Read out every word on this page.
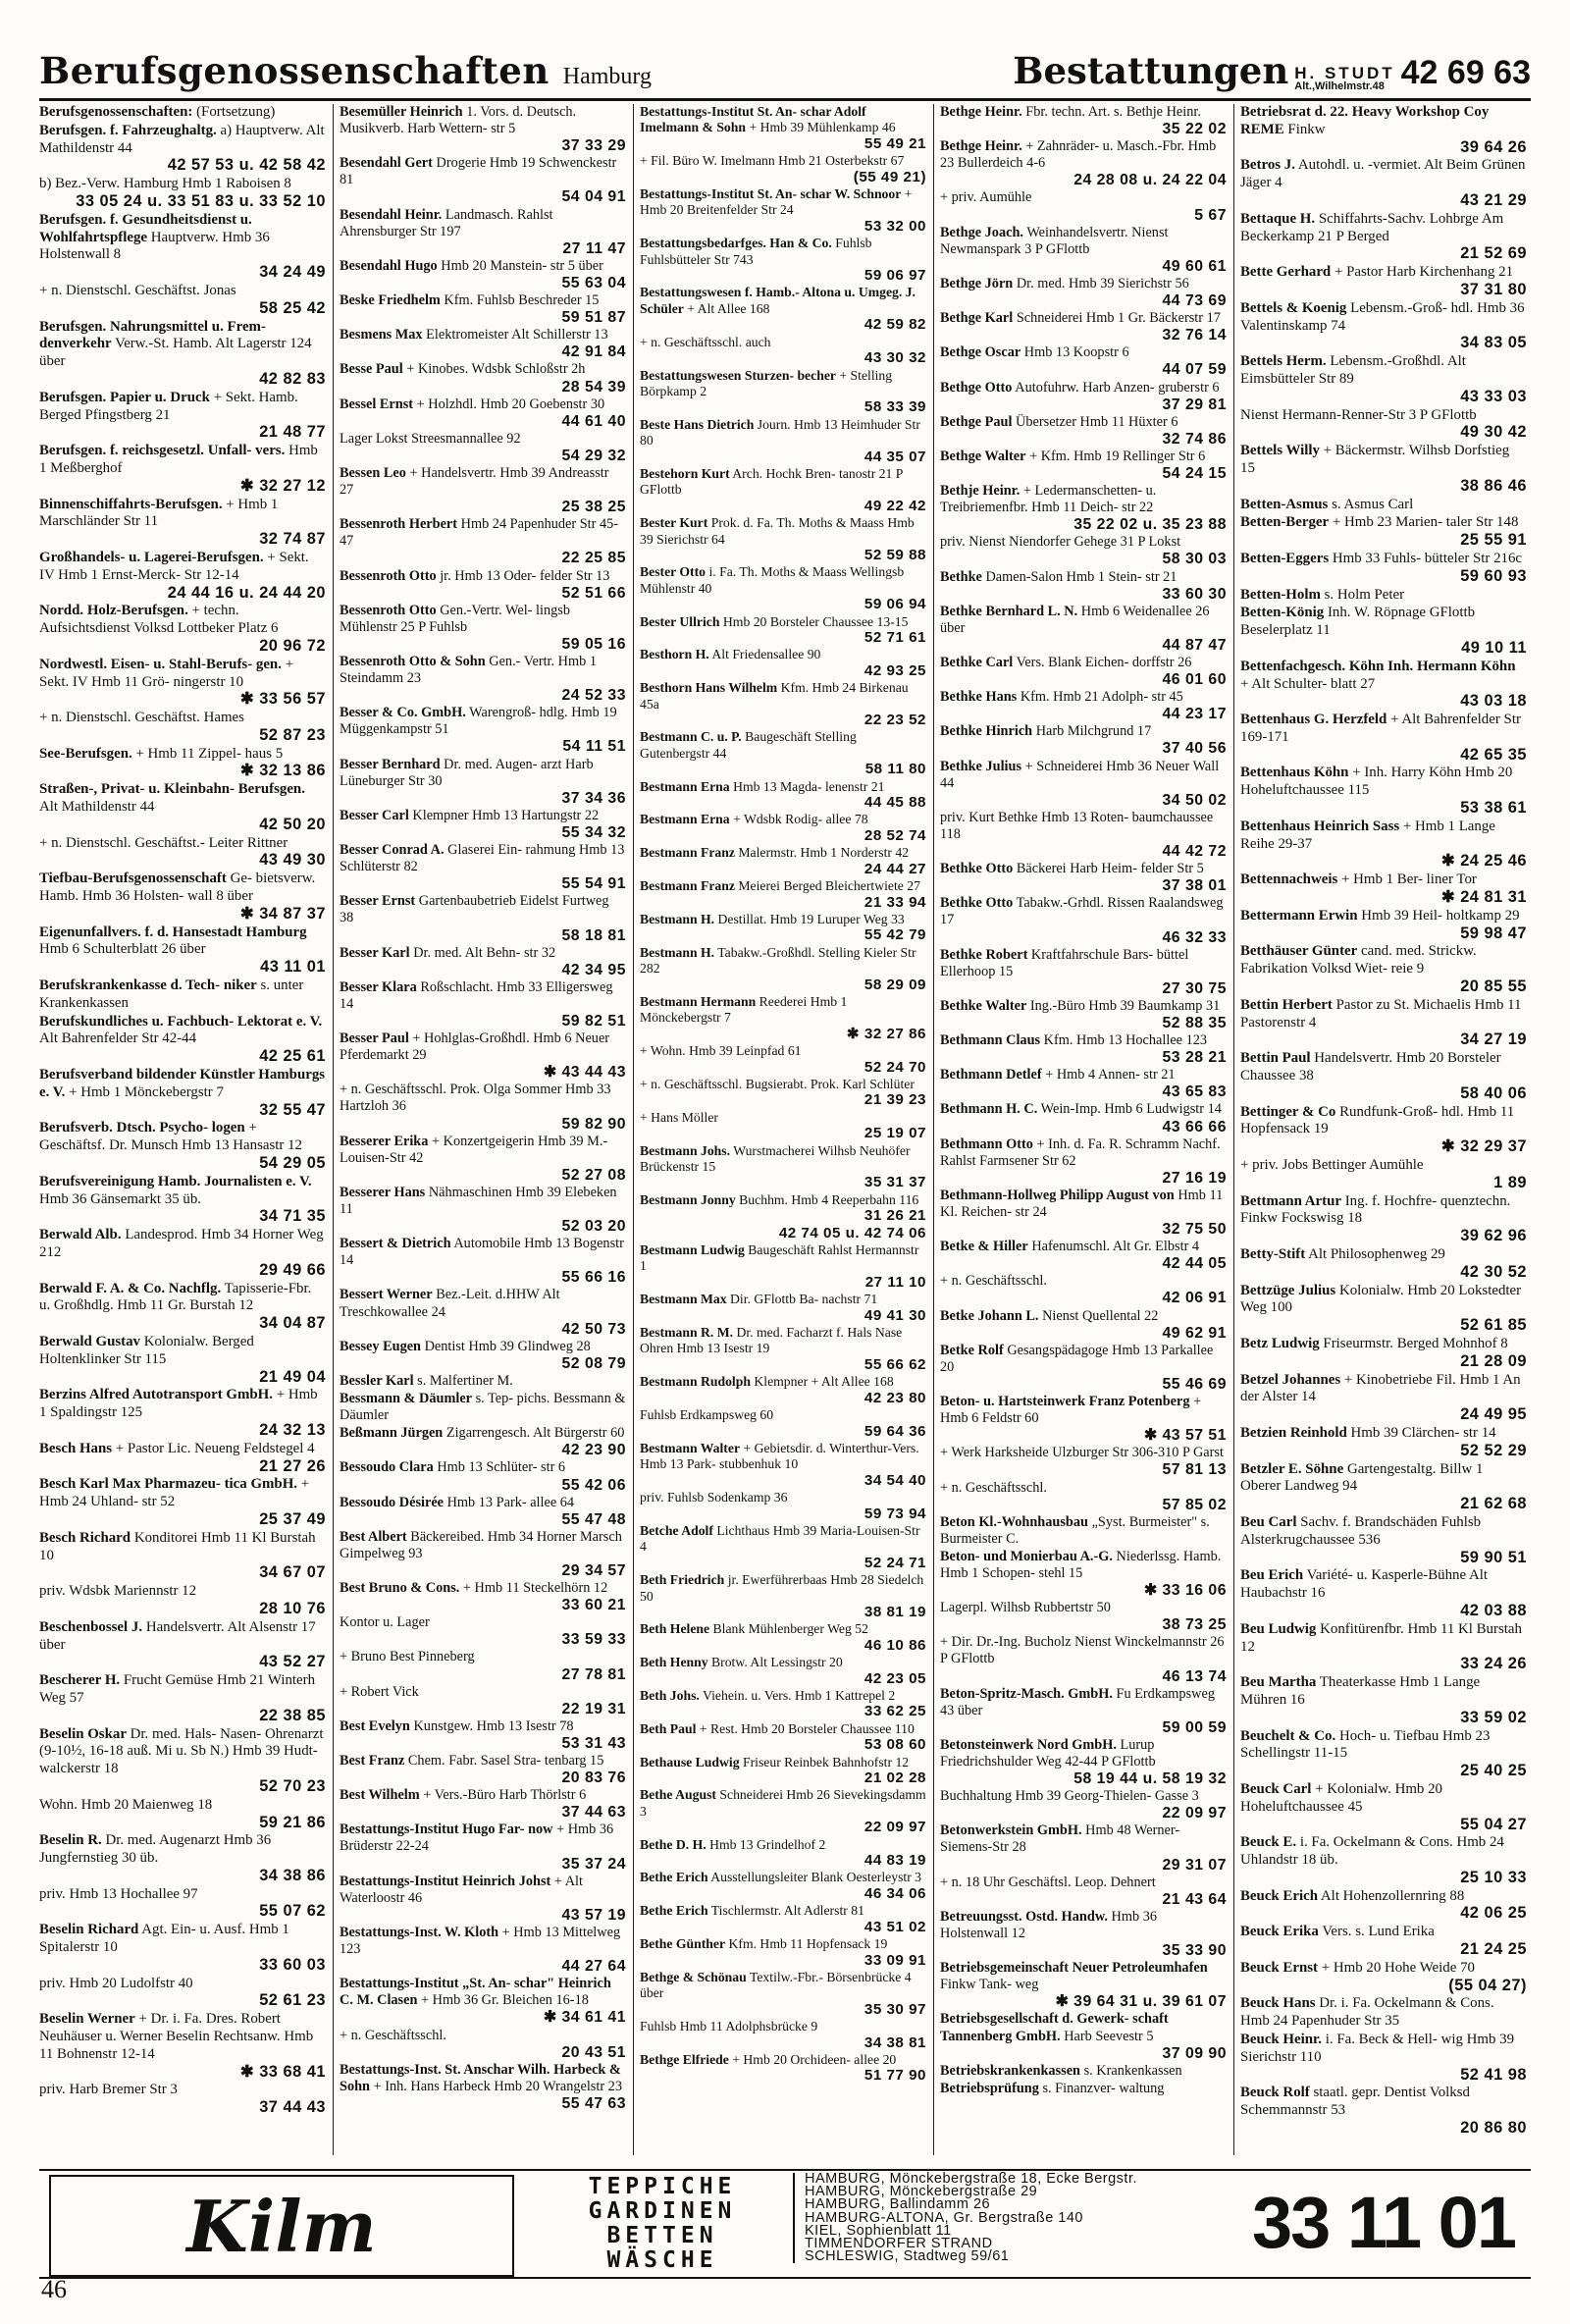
Berufsgenossenschaften Hamburg	Bestattungen H. STUDT
Alt.,Wilhelmstr.48 42 69 63
Berufsgenossenschaften: (Fortsetzung)
Berufsgen. f. Fahrzeughaltg. a) Hauptverw. Alt Mathildenstr 44
42 57 53 u. 42 58 42
b) Bez.-Verw. Hamburg Hmb 1 Raboisen 8
33 05 24 u. 33 51 83 u. 33 52 10
Berufsgen. f. Gesundheitsdienst u. Wohlfahrtspflege Hauptverw. Hmb 36 Holstenwall 8
34 24 49
+ n. Dienstschl. Geschäftst. Jonas
58 25 42
Berufsgen. Nahrungsmittel u. Frem- denverkehr Verw.-St. Hamb. Alt Lagerstr 124 über
42 82 83
Berufsgen. Papier u. Druck + Sekt. Hamb. Berged Pfingstberg 21
21 48 77
Berufsgen. f. reichsgesetzl. Unfall- vers. Hmb 1 Meßberghof
✱ 32 27 12
Binnenschiffahrts-Berufsgen. + Hmb 1 Marschländer Str 11
32 74 87
Großhandels- u. Lagerei-Berufsgen. + Sekt. IV Hmb 1 Ernst-Merck- Str 12-14
24 44 16 u. 24 44 20
Nordd. Holz-Berufsgen. + techn. Aufsichtsdienst Volksd Lottbeker Platz 6
20 96 72
Nordwestl. Eisen- u. Stahl-Berufs- gen. + Sekt. IV Hmb 11 Grö- ningerstr 10
✱ 33 56 57
+ n. Dienstschl. Geschäftst. Hames
52 87 23
See-Berufsgen. + Hmb 11 Zippel- haus 5
✱ 32 13 86
Straßen-, Privat- u. Kleinbahn- Berufsgen. Alt Mathildenstr 44
42 50 20
+ n. Dienstschl. Geschäftst.- Leiter Rittner
43 49 30
Tiefbau-Berufsgenossenschaft Ge- bietsverw. Hamb. Hmb 36 Holsten- wall 8 über
✱ 34 87 37
Eigenunfallvers. f. d. Hansestadt Hamburg Hmb 6 Schulterblatt 26 über
43 11 01
Berufskrankenkasse d. Tech- niker s. unter Krankenkassen
Berufskundliches u. Fachbuch- Lektorat e. V. Alt Bahrenfelder Str 42-44
42 25 61
Berufsverband bildender Künstler Hamburgs e. V. + Hmb 1 Mönckebergstr 7
32 55 47
Berufsverb. Dtsch. Psycho- logen + Geschäftsf. Dr. Munsch Hmb 13 Hansastr 12
54 29 05
Berufsvereinigung Hamb. Journalisten e. V. Hmb 36 Gänsemarkt 35 üb.
34 71 35
Berwald Alb. Landesprod. Hmb 34 Horner Weg 212
29 49 66
Berwald F. A. & Co. Nachflg. Tapisserie-Fbr. u. Großhdlg. Hmb 11 Gr. Burstah 12
34 04 87
Berwald Gustav Kolonialw. Berged Holtenklinker Str 115
21 49 04
Berzins Alfred Autotransport GmbH. + Hmb 1 Spaldingstr 125
24 32 13
Besch Hans + Pastor Lic. Neueng Feldstegel 4
21 27 26
Besch Karl Max Pharmazeu- tica GmbH. + Hmb 24 Uhland- str 52
25 37 49
Besch Richard Konditorei Hmb 11 Kl Burstah 10
34 67 07
priv. Wdsbk Mariennstr 12
28 10 76
Beschenbossel J. Handelsvertr. Alt Alsenstr 17 über
43 52 27
Bescherer H. Frucht Gemüse Hmb 21 Winterh Weg 57
22 38 85
Beselin Oskar Dr. med. Hals- Nasen- Ohrenarzt (9-10½, 16-18 auß. Mi u. Sb N.) Hmb 39 Hudt- walckerstr 18
52 70 23
Wohn. Hmb 20 Maienweg 18
59 21 86
Beselin R. Dr. med. Augenarzt Hmb 36 Jungfernstieg 30 üb.
34 38 86
priv. Hmb 13 Hochallee 97
55 07 62
Beselin Richard Agt. Ein- u. Ausf. Hmb 1 Spitalerstr 10
33 60 03
priv. Hmb 20 Ludolfstr 40
52 61 23
Beselin Werner + Dr. i. Fa. Dres. Robert Neuhäuser u. Werner Beselin Rechtsanw. Hmb 11 Bohnenstr 12-14
✱ 33 68 41
priv. Harb Bremer Str 3
37 44 43
Besemüller Heinrich 1. Vors. d. Deutsch. Musikverb. Harb Wettern- str 5
37 33 29
Besendahl Gert Drogerie Hmb 19 Schwenckestr 81
54 04 91
Besendahl Heinr. Landmasch. Rahlst Ahrensburger Str 197
27 11 47
Besendahl Hugo Hmb 20 Manstein- str 5 über
55 63 04
Beske Friedhelm Kfm. Fuhlsb Beschreder 15
59 51 87
Besmens Max Elektromeister Alt Schillerstr 13
42 91 84
Besse Paul + Kinobes. Wdsbk Schloßstr 2h
28 54 39
Bessel Ernst + Holzhdl. Hmb 20 Goebenstr 30
44 61 40
Lager Lokst Streesmannallee 92
54 29 32
Bessen Leo + Handelsvertr. Hmb 39 Andreasstr 27
25 38 25
Bessenroth Herbert Hmb 24 Papenhuder Str 45-47
22 25 85
Bessenroth Otto jr. Hmb 13 Oder- felder Str 13
52 51 66
Bessenroth Otto Gen.-Vertr. Wel- lingsb Mühlenstr 25 P Fuhlsb
59 05 16
Bessenroth Otto & Sohn Gen.- Vertr. Hmb 1 Steindamm 23
24 52 33
Besser & Co. GmbH. Warengroß- hdlg. Hmb 19 Müggenkampstr 51
54 11 51
Besser Bernhard Dr. med. Augen- arzt Harb Lüneburger Str 30
37 34 36
Besser Carl Klempner Hmb 13 Hartungstr 22
55 34 32
Besser Conrad A. Glaserei Ein- rahmung Hmb 13 Schlüterstr 82
55 54 91
Besser Ernst Gartenbaubetrieb Eidelst Furtweg 38
58 18 81
Besser Karl Dr. med. Alt Behn- str 32
42 34 95
Besser Klara Roßschlacht. Hmb 33 Elligersweg 14
59 82 51
Besser Paul + Hohlglas-Großhdl. Hmb 6 Neuer Pferdemarkt 29
✱ 43 44 43
+ n. Geschäftsschl. Prok. Olga Sommer Hmb 33 Hartzloh 36
59 82 90
Besserer Erika + Konzertgeigerin Hmb 39 M.-Louisen-Str 42
52 27 08
Besserer Hans Nähmaschinen Hmb 39 Elebeken 11
52 03 20
Bessert & Dietrich Automobile Hmb 13 Bogenstr 14
55 66 16
Bessert Werner Bez.-Leit. d.HHW Alt Treschkowallee 24
42 50 73
Bessey Eugen Dentist Hmb 39 Glindweg 28
52 08 79
Bessler Karl s. Malfertiner M.
Bessmann & Däumler s. Tep- pichs. Bessmann & Däumler
Beßmann Jürgen Zigarrengesch. Alt Bürgerstr 60
42 23 90
Bessoudo Clara Hmb 13 Schlüter- str 6
55 42 06
Bessoudo Désirée Hmb 13 Park- allee 64
55 47 48
Best Albert Bäckereibed. Hmb 34 Horner Marsch Gimpelweg 93
29 34 57
Best Bruno & Cons. + Hmb 11 Steckelhörn 12
33 60 21
Kontor u. Lager
33 59 33
+ Bruno Best Pinneberg
27 78 81
+ Robert Vick
22 19 31
Best Evelyn Kunstgew. Hmb 13 Isestr 78
53 31 43
Best Franz Chem. Fabr. Sasel Stra- tenbarg 15
20 83 76
Best Wilhelm + Vers.-Büro Harb Thörlstr 6
37 44 63
Bestattungs-Institut Hugo Far- now + Hmb 36 Brüderstr 22-24
35 37 24
Bestattungs-Institut Heinrich Johst + Alt Waterloostr 46
43 57 19
Bestattungs-Inst. W. Kloth + Hmb 13 Mittelweg 123
44 27 64
Bestattungs-Institut „St. An- schar" Heinrich C. M. Clasen + Hmb 36 Gr. Bleichen 16-18
✱ 34 61 41
+ n. Geschäftsschl.
20 43 51
Bestattungs-Inst. St. Anschar Wilh. Harbeck & Sohn + Inh. Hans Harbeck Hmb 20 Wrangelstr 23
55 47 63
Bestattungs-Institut St. An- schar Adolf Imelmann & Sohn + Hmb 39 Mühlenkamp 46
55 49 21
+ Fil. Büro W. Imelmann Hmb 21 Osterbekstr 67
(55 49 21)
Bestattungs-Institut St. An- schar W. Schnoor + Hmb 20 Breitenfelder Str 24
53 32 00
Bestattungsbedarfges. Han & Co. Fuhlsb Fuhlsbütteler Str 743
59 06 97
Bestattungswesen f. Hamb.- Altona u. Umgeg. J. Schüler + Alt Allee 168
42 59 82
+ n. Geschäftsschl. auch
43 30 32
Bestattungswesen Sturzen- becher + Stelling Börpkamp 2
58 33 39
Beste Hans Dietrich Journ. Hmb 13 Heimhuder Str 80
44 35 07
Bestehorn Kurt Arch. Hochk Bren- tanostr 21 P GFlottb
49 22 42
Bester Kurt Prok. d. Fa. Th. Moths & Maass Hmb 39 Sierichstr 64
52 59 88
Bester Otto i. Fa. Th. Moths & Maass Wellingsb Mühlenstr 40
59 06 94
Bester Ullrich Hmb 20 Borsteler Chaussee 13-15
52 71 61
Besthorn H. Alt Friedensallee 90
42 93 25
Besthorn Hans Wilhelm Kfm. Hmb 24 Birkenau 45a
22 23 52
Bestmann C. u. P. Baugeschäft Stelling Gutenbergstr 44
58 11 80
Bestmann Erna Hmb 13 Magda- lenenstr 21
44 45 88
Bestmann Erna + Wdsbk Rodig- allee 78
28 52 74
Bestmann Franz Malermstr. Hmb 1 Norderstr 42
24 44 27
Bestmann Franz Meierei Berged Bleichertwiete 27
21 33 94
Bestmann H. Destillat. Hmb 19 Luruper Weg 33
55 42 79
Bestmann H. Tabakw.-Großhdl. Stelling Kieler Str 282
58 29 09
Bestmann Hermann Reederei Hmb 1 Mönckebergstr 7
✱ 32 27 86
+ Wohn. Hmb 39 Leinpfad 61
52 24 70
+ n. Geschäftsschl. Bugsierabt. Prok. Karl Schlüter
21 39 23
+ Hans Möller
25 19 07
Bestmann Johs. Wurstmacherei Wilhsb Neuhöfer Brückenstr 15
35 31 37
Bestmann Jonny Buchhm. Hmb 4 Reeperbahn 116
31 26 21
42 74 05 u. 42 74 06
Bestmann Ludwig Baugeschäft Rahlst Hermannstr 1
27 11 10
Bestmann Max Dir. GFlottb Ba- nachstr 71
49 41 30
Bestmann R. M. Dr. med. Facharzt f. Hals Nase Ohren Hmb 13 Isestr 19
55 66 62
Bestmann Rudolph Klempner + Alt Allee 168
42 23 80
Fuhlsb Erdkampsweg 60
59 64 36
Bestmann Walter + Gebietsdir. d. Winterthur-Vers. Hmb 13 Park- stubbenhuk 10
34 54 40
priv. Fuhlsb Sodenkamp 36
59 73 94
Betche Adolf Lichthaus Hmb 39 Maria-Louisen-Str 4
52 24 71
Beth Friedrich jr. Ewerführerbaas Hmb 28 Siedelch 50
38 81 19
Beth Helene Blank Mühlenberger Weg 52
46 10 86
Beth Henny Brotw. Alt Lessingstr 20
42 23 05
Beth Johs. Viehein. u. Vers. Hmb 1 Kattrepel 2
33 62 25
Beth Paul + Rest. Hmb 20 Borsteler Chaussee 110
53 08 60
Bethause Ludwig Friseur Reinbek Bahnhofstr 12
21 02 28
Bethe August Schneiderei Hmb 26 Sievekingsdamm 3
22 09 97
Bethe D. H. Hmb 13 Grindelhof 2
44 83 19
Bethe Erich Ausstellungsleiter Blank Oesterleystr 3
46 34 06
Bethe Erich Tischlermstr. Alt Adlerstr 81
43 51 02
Bethe Günther Kfm. Hmb 11 Hopfensack 19
33 09 91
Bethge & Schönau Textilw.-Fbr.- Börsenbrücke 4 über
35 30 97
Fuhlsb Hmb 11 Adolphsbrücke 9
34 38 81
Bethge Elfriede + Hmb 20 Orchideen- allee 20
51 77 90
Bethge Heinr. Fbr. techn. Art. s. Bethje Heinr.
35 22 02
Bethge Heinr. + Zahnräder- u. Masch.-Fbr. Hmb 23 Bullerdeich 4-6
24 28 08 u. 24 22 04
+ priv. Aumühle
5 67
Bethge Joach. Weinhandelsvertr. Nienst Newmanspark 3 P GFlottb
49 60 61
Bethge Jörn Dr. med. Hmb 39 Sierichstr 56
44 73 69
Bethge Karl Schneiderei Hmb 1 Gr. Bäckerstr 17
32 76 14
Bethge Oscar Hmb 13 Koopstr 6
44 07 59
Bethge Otto Autofuhrw. Harb Anzen- gruberstr 6
37 29 81
Bethge Paul Übersetzer Hmb 11 Hüxter 6
32 74 86
Bethge Walter + Kfm. Hmb 19 Rellinger Str 6
54 24 15
Bethje Heinr. + Ledermanschetten- u. Treibriemenfbr. Hmb 11 Deich- str 22
35 22 02 u. 35 23 88
priv. Nienst Niendorfer Gehege 31 P Lokst
58 30 03
Bethke Damen-Salon Hmb 1 Stein- str 21
33 60 30
Bethke Bernhard L. N. Hmb 6 Weidenallee 26 über
44 87 47
Bethke Carl Vers. Blank Eichen- dorffstr 26
46 01 60
Bethke Hans Kfm. Hmb 21 Adolph- str 45
44 23 17
Bethke Hinrich Harb Milchgrund 17
37 40 56
Bethke Julius + Schneiderei Hmb 36 Neuer Wall 44
34 50 02
priv. Kurt Bethke Hmb 13 Roten- baumchaussee 118
44 42 72
Bethke Otto Bäckerei Harb Heim- felder Str 5
37 38 01
Bethke Otto Tabakw.-Grhdl. Rissen Raalandsweg 17
46 32 33
Bethke Robert Kraftfahrschule Bars- büttel Ellerhoop 15
27 30 75
Bethke Walter Ing.-Büro Hmb 39 Baumkamp 31
52 88 35
Bethmann Claus Kfm. Hmb 13 Hochallee 123
53 28 21
Bethmann Detlef + Hmb 4 Annen- str 21
43 65 83
Bethmann H. C. Wein-Imp. Hmb 6 Ludwigstr 14
43 66 66
Bethmann Otto + Inh. d. Fa. R. Schramm Nachf. Rahlst Farmsener Str 62
27 16 19
Bethmann-Hollweg Philipp August von Hmb 11 Kl. Reichen- str 24
32 75 50
Betke & Hiller Hafenumschl. Alt Gr. Elbstr 4
42 44 05
+ n. Geschäftsschl.
42 06 91
Betke Johann L. Nienst Quellental 22
49 62 91
Betke Rolf Gesangspädagoge Hmb 13 Parkallee 20
55 46 69
Beton- u. Hartsteinwerk Franz Potenberg + Hmb 6 Feldstr 60
✱ 43 57 51
+ Werk Harksheide Ulzburger Str 306-310 P Garst
57 81 13
+ n. Geschäftsschl.
57 85 02
Beton Kl.-Wohnhausbau „Syst. Burmeister" s. Burmeister C.
Beton- und Monierbau A.-G. Niederlssg. Hamb. Hmb 1 Schopen- stehl 15
✱ 33 16 06
Lagerpl. Wilhsb Rubbertstr 50
38 73 25
+ Dir. Dr.-Ing. Bucholz Nienst Winckelmannstr 26 P GFlottb
46 13 74
Beton-Spritz-Masch. GmbH. Fu Erdkampsweg 43 über
59 00 59
Betonsteinwerk Nord GmbH. Lurup Friedrichshulder Weg 42-44 P GFlottb
58 19 44 u. 58 19 32
Buchhaltung Hmb 39 Georg-Thielen- Gasse 3
22 09 97
Betonwerkstein GmbH. Hmb 48 Werner-Siemens-Str 28
29 31 07
+ n. 18 Uhr Geschäftsl. Leop. Dehnert
21 43 64
Betreuungsst. Ostd. Handw. Hmb 36 Holstenwall 12
35 33 90
Betriebsgemeinschaft Neuer Petroleumhafen Finkw Tank- weg
✱ 39 64 31 u. 39 61 07
Betriebsgesellschaft d. Gewerk- schaft Tannenberg GmbH. Harb Seevestr 5
37 09 90
Betriebskrankenkassen s. Krankenkassen
Betriebsprüfung s. Finanzver- waltung
Betriebsrat d. 22. Heavy Workshop Coy REME Finkw
39 64 26
Betros J. Autohdl. u. -vermiet. Alt Beim Grünen Jäger 4
43 21 29
Bettaque H. Schiffahrts-Sachv. Lohbrge Am Beckerkamp 21 P Berged
21 52 69
Bette Gerhard + Pastor Harb Kirchenhang 21
37 31 80
Bettels & Koenig Lebensm.-Groß- hdl. Hmb 36 Valentinskamp 74
34 83 05
Bettels Herm. Lebensm.-Großhdl. Alt Eimsbütteler Str 89
43 33 03
Nienst Hermann-Renner-Str 3 P GFlottb
49 30 42
Bettels Willy + Bäckermstr. Wilhsb Dorfstieg 15
38 86 46
Betten-Asmus s. Asmus Carl
Betten-Berger + Hmb 23 Marien- taler Str 148
25 55 91
Betten-Eggers Hmb 33 Fuhls- bütteler Str 216c
59 60 93
Betten-Holm s. Holm Peter
Betten-König Inh. W. Röpnage GFlottb Beselerplatz 11
49 10 11
Bettenfachgesch. Köhn Inh. Hermann Köhn + Alt Schulter- blatt 27
43 03 18
Bettenhaus G. Herzfeld + Alt Bahrenfelder Str 169-171
42 65 35
Bettenhaus Köhn + Inh. Harry Köhn Hmb 20 Hoheluftchaussee 115
53 38 61
Bettenhaus Heinrich Sass + Hmb 1 Lange Reihe 29-37
✱ 24 25 46
Bettennachweis + Hmb 1 Ber- liner Tor
✱ 24 81 31
Bettermann Erwin Hmb 39 Heil- holtkamp 29
59 98 47
Betthäuser Günter cand. med. Strickw. Fabrikation Volksd Wiet- reie 9
20 85 55
Bettin Herbert Pastor zu St. Michaelis Hmb 11 Pastorenstr 4
34 27 19
Bettin Paul Handelsvertr. Hmb 20 Borsteler Chaussee 38
58 40 06
Bettinger & Co Rundfunk-Groß- hdl. Hmb 11 Hopfensack 19
✱ 32 29 37
+ priv. Jobs Bettinger Aumühle
1 89
Bettmann Artur Ing. f. Hochfre- quenztechn. Finkw Fockswisg 18
39 62 96
Betty-Stift Alt Philosophenweg 29
42 30 52
Bettzüge Julius Kolonialw. Hmb 20 Lokstedter Weg 100
52 61 85
Betz Ludwig Friseurmstr. Berged Mohnhof 8
21 28 09
Betzel Johannes + Kinobetriebe Fil. Hmb 1 An der Alster 14
24 49 95
Betzien Reinhold Hmb 39 Clärchen- str 14
52 52 29
Betzler E. Söhne Gartengestaltg. Billw 1 Oberer Landweg 94
21 62 68
Beu Carl Sachv. f. Brandschäden Fuhlsb Alsterkrugchaussee 536
59 90 51
Beu Erich Variété- u. Kasperle-Bühne Alt Haubachstr 16
42 03 88
Beu Ludwig Konfitürenfbr. Hmb 11 Kl Burstah 12
33 24 26
Beu Martha Theaterkasse Hmb 1 Lange Mühren 16
33 59 02
Beuchelt & Co. Hoch- u. Tiefbau Hmb 23 Schellingstr 11-15
25 40 25
Beuck Carl + Kolonialw. Hmb 20 Hoheluftchaussee 45
55 04 27
Beuck E. i. Fa. Ockelmann & Cons. Hmb 24 Uhlandstr 18 üb.
25 10 33
Beuck Erich Alt Hohenzollernring 88
42 06 25
Beuck Erika Vers. s. Lund Erika
21 24 25
Beuck Ernst + Hmb 20 Hohe Weide 70
(55 04 27)
Beuck Hans Dr. i. Fa. Ockelmann & Cons. Hmb 24 Papenhuder Str 35
Beuck Heinr. i. Fa. Beck & Hell- wig Hmb 39 Sierichstr 110
52 41 98
Beuck Rolf staatl. gepr. Dentist Volksd Schemmannstr 53
20 86 80
Kilm	TEPPICHE
GARDINEN
BETTEN
WÄSCHE
HAMBURG, Mönckebergstraße 18, Ecke Bergstr.
HAMBURG, Mönckebergstraße 29
HAMBURG, Ballindamm 26
HAMBURG-ALTONA, Gr. Bergstraße 140
KIEL, Sophienblatt 11
TIMMENDORFER STRAND
SCHLESWIG, Stadtweg 59/61	33 11 01
46
